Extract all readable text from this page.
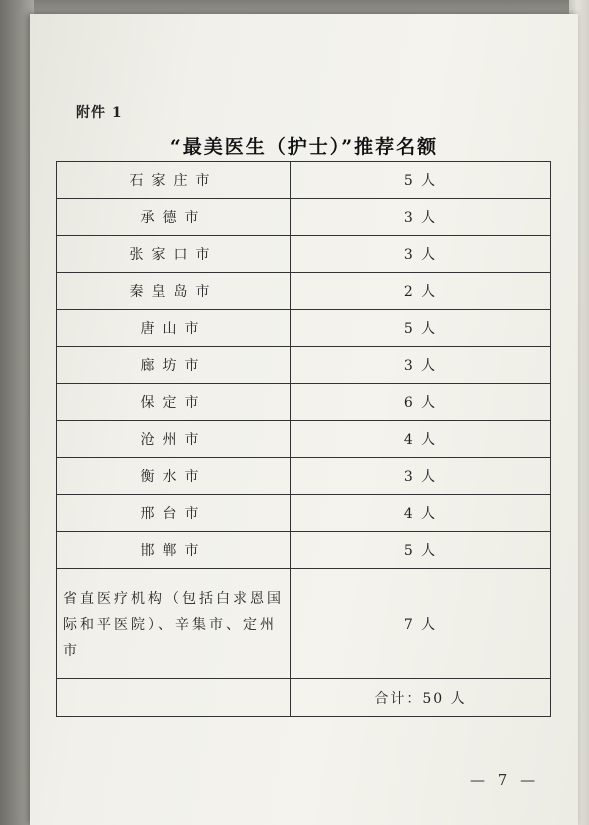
附件 1
“最美医生（护士）”推荐名额
石家庄市	5 人
承德市	3 人
张家口市	3 人
秦皇岛市	2 人
唐山市	5 人
廊坊市	3 人
保定市	6 人
沧州市	4 人
衡水市	3 人
邢台市	4 人
邯郸市	5 人
省直医疗机构（包括白求恩国际和平医院）、辛集市、定州市	7 人
	合计：50 人
— 7 —
